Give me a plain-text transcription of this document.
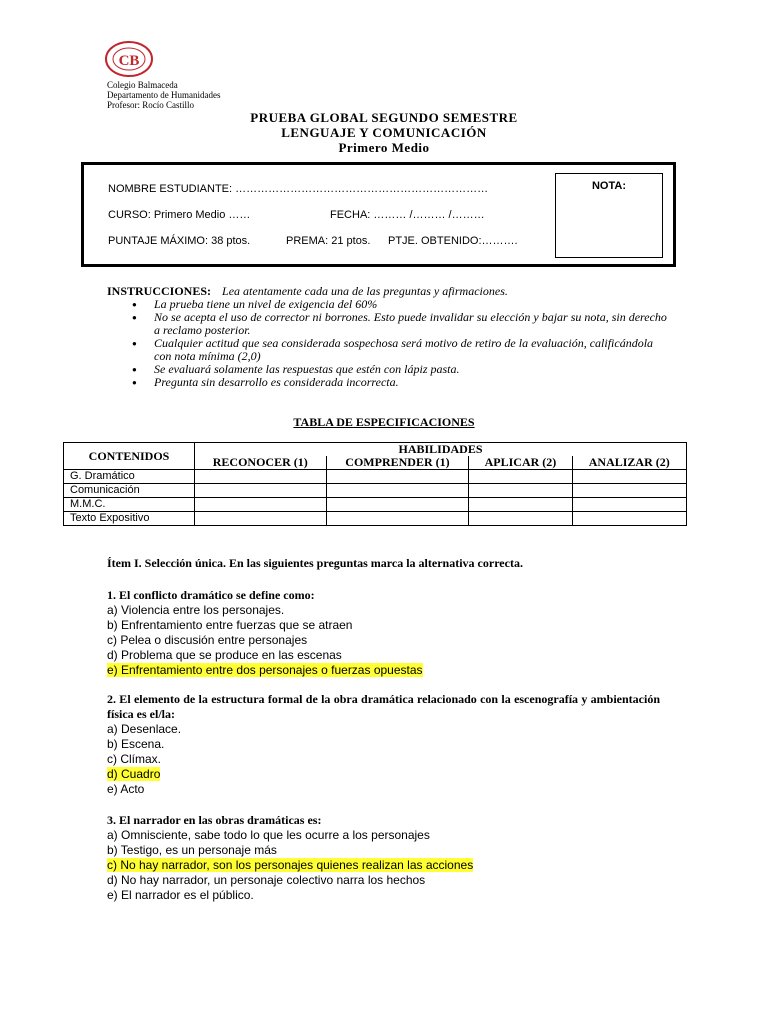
CB
Colegio Balmaceda
Departamento de Humanidades
Profesor: Rocío Castillo
PRUEBA GLOBAL SEGUNDO SEMESTRE
LENGUAJE Y COMUNICACIÓN
Primero Medio
NOMBRE ESTUDIANTE: ……………………………………………………………
CURSO: Primero Medio ……	FECHA: ……… /……… /………
PUNTAJE MÁXIMO: 38 ptos.	PREMA: 21 ptos. PTJE. OBTENIDO:……….
NOTA:
INSTRUCCIONES: Lea atentamente cada una de las preguntas y afirmaciones.
● La prueba tiene un nivel de exigencia del 60%
● No se acepta el uso de corrector ni borrones. Esto puede invalidar su elección y bajar su nota, sin derecho a reclamo posterior.
● Cualquier actitud que sea considerada sospechosa será motivo de retiro de la evaluación, calificándola con nota mínima (2,0)
● Se evaluará solamente las respuestas que estén con lápiz pasta.
● Pregunta sin desarrollo es considerada incorrecta.
TABLA DE ESPECIFICACIONES
CONTENIDOS	HABILIDADES			
	RECONOCER (1)	COMPRENDER (1)	APLICAR (2)	ANALIZAR (2)
G. Dramático				
Comunicación				
M.M.C.				
Texto Expositivo				
Ítem I. Selección única. En las siguientes preguntas marca la alternativa correcta.
1. El conflicto dramático se define como:
a) Violencia entre los personajes.
b) Enfrentamiento entre fuerzas que se atraen
c) Pelea o discusión entre personajes
d) Problema que se produce en las escenas
e) Enfrentamiento entre dos personajes o fuerzas opuestas
2. El elemento de la estructura formal de la obra dramática relacionado con la escenografía y ambientación física es el/la:
a) Desenlace.
b) Escena.
c) Clímax.
d) Cuadro
e) Acto
3. El narrador en las obras dramáticas es:
a) Omnisciente, sabe todo lo que les ocurre a los personajes
b) Testigo, es un personaje más
c) No hay narrador, son los personajes quienes realizan las acciones
d) No hay narrador, un personaje colectivo narra los hechos
e) El narrador es el público.
